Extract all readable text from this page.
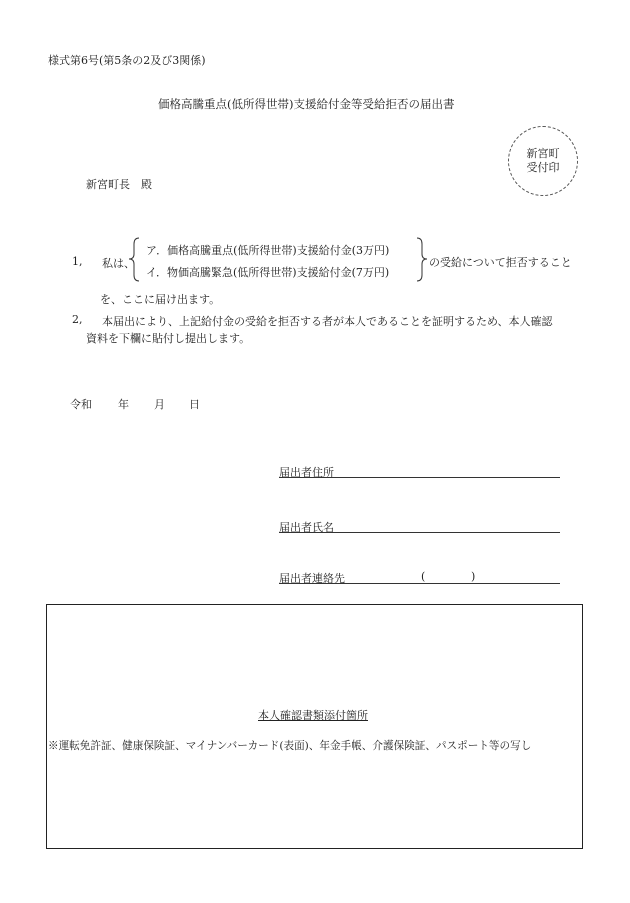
様式第6号(第5条の2及び3関係)
価格高騰重点(低所得世帯)支援給付金等受給拒否の届出書
新宮町
受付印
新宮町長　殿
1, 私は、
ア．価格高騰重点(低所得世帯)支援給付金(3万円)
イ．物価高騰緊急(低所得世帯)支援給付金(7万円)
の受給について拒否すること
を、ここに届け出ます。
2, 本届出により、上記給付金の受給を拒否する者が本人であることを証明するため、本人確認
資料を下欄に貼付し提出します。
令和 年 月 日
届出者住所
届出者氏名
届出者連絡先	(	)
本人確認書類添付箇所
※運転免許証、健康保険証、マイナンバーカード(表面)、年金手帳、介護保険証、パスポート等の写し
